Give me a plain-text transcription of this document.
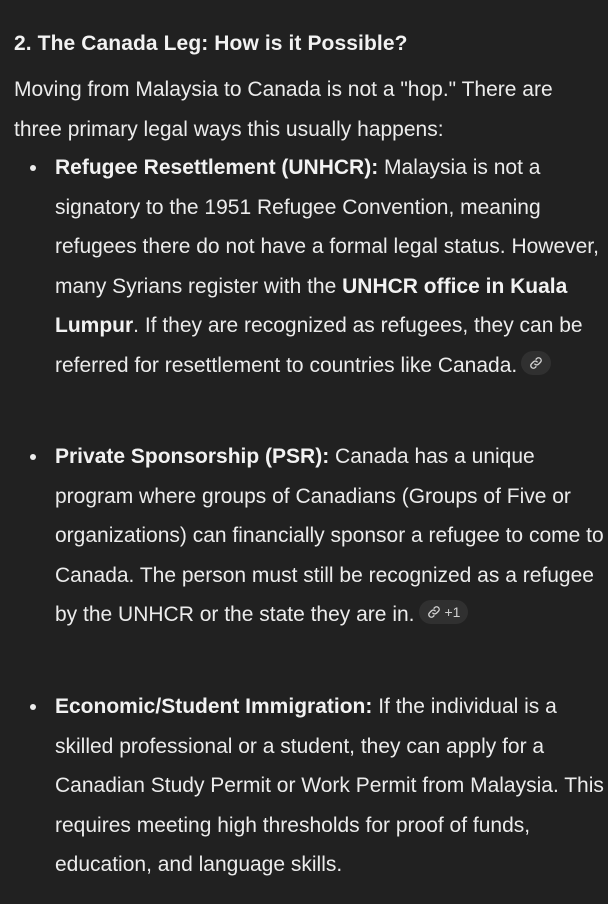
2. The Canada Leg: How is it Possible?

Moving from Malaysia to Canada is not a "hop." There are three primary legal ways this usually happens:

Refugee Resettlement (UNHCR): Malaysia is not a signatory to the 1951 Refugee Convention, meaning refugees there do not have a formal legal status. However, many Syrians register with the UNHCR office in Kuala Lumpur. If they are recognized as refugees, they can be referred for resettlement to countries like Canada.

Private Sponsorship (PSR): Canada has a unique program where groups of Canadians (Groups of Five or organizations) can financially sponsor a refugee to come to Canada. The person must still be recognized as a refugee by the UNHCR or the state they are in. +1

Economic/Student Immigration: If the individual is a skilled professional or a student, they can apply for a Canadian Study Permit or Work Permit from Malaysia. This requires meeting high thresholds for proof of funds, education, and language skills.
